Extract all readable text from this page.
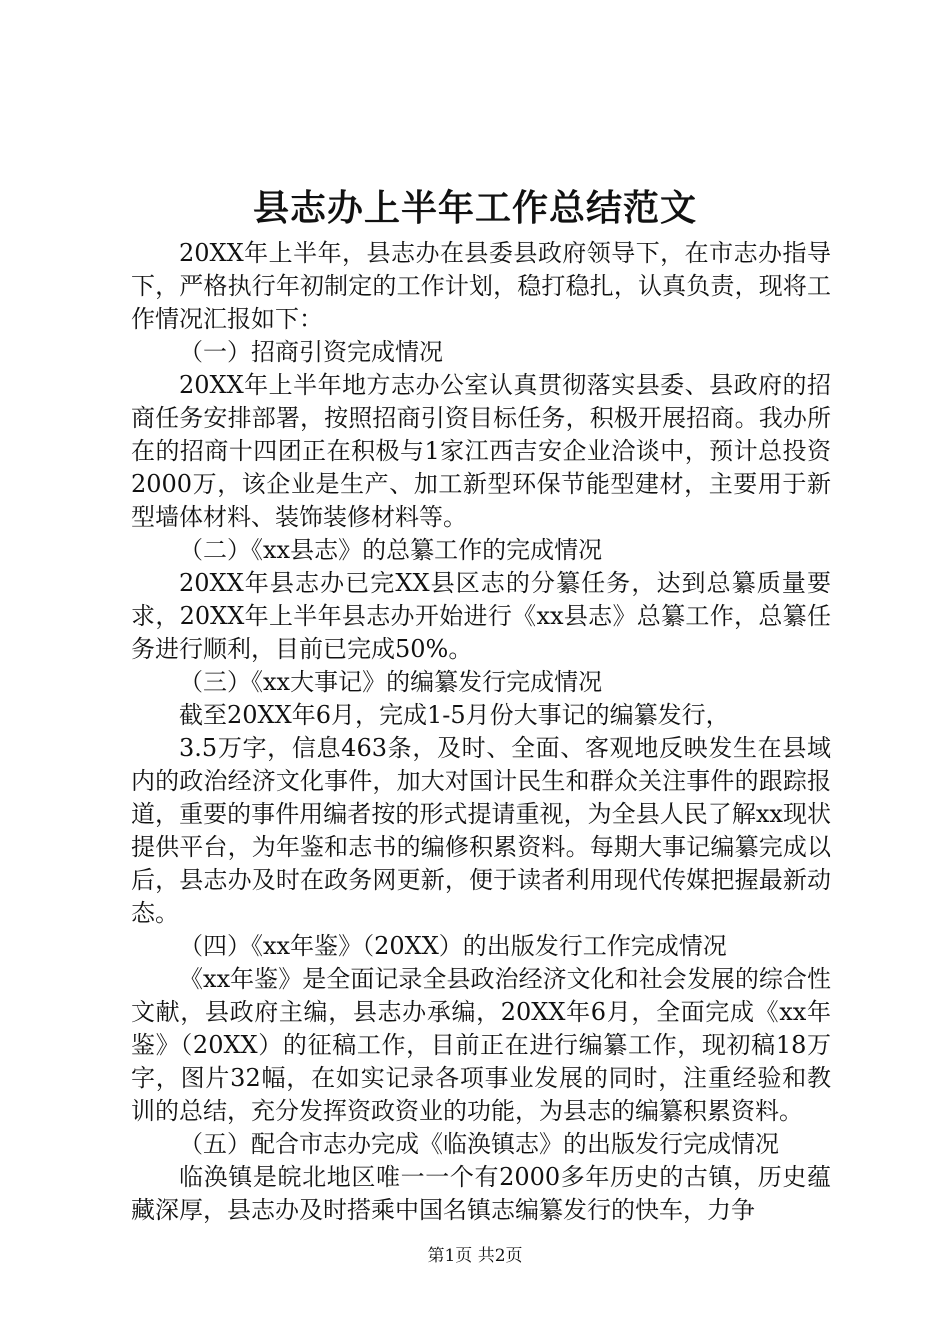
县志办上半年工作总结范文

20XX年上半年，县志办在县委县政府领导下，在市志办指导下，严格执行年初制定的工作计划，稳打稳扎，认真负责，现将工作情况汇报如下：

（一）招商引资完成情况

20XX年上半年地方志办公室认真贯彻落实县委、县政府的招商任务安排部署，按照招商引资目标任务，积极开展招商。我办所在的招商十四团正在积极与1家江西吉安企业洽谈中，预计总投资2000万，该企业是生产、加工新型环保节能型建材，主要用于新型墙体材料、装饰装修材料等。

（二）《xx县志》的总纂工作的完成情况

20XX年县志办已完XX县区志的分纂任务，达到总纂质量要求，20XX年上半年县志办开始进行《xx县志》总纂工作，总纂任务进行顺利，目前已完成50%。

（三）《xx大事记》的编纂发行完成情况

截至20XX年6月，完成1-5月份大事记的编纂发行，

3.5万字，信息463条，及时、全面、客观地反映发生在县域内的政治经济文化事件，加大对国计民生和群众关注事件的跟踪报道，重要的事件用编者按的形式提请重视，为全县人民了解xx现状提供平台，为年鉴和志书的编修积累资料。每期大事记编纂完成以后，县志办及时在政务网更新，便于读者利用现代传媒把握最新动态。

（四）《xx年鉴》（20XX）的出版发行工作完成情况

《xx年鉴》是全面记录全县政治经济文化和社会发展的综合性文献，县政府主编，县志办承编，20XX年6月，全面完成《xx年鉴》（20XX）的征稿工作，目前正在进行编纂工作，现初稿18万字，图片32幅，在如实记录各项事业发展的同时，注重经验和教训的总结，充分发挥资政资业的功能，为县志的编纂积累资料。

（五）配合市志办完成《临涣镇志》的出版发行完成情况

临涣镇是皖北地区唯一一个有2000多年历史的古镇，历史蕴藏深厚，县志办及时搭乘中国名镇志编纂发行的快车，力争

第1页 共2页
